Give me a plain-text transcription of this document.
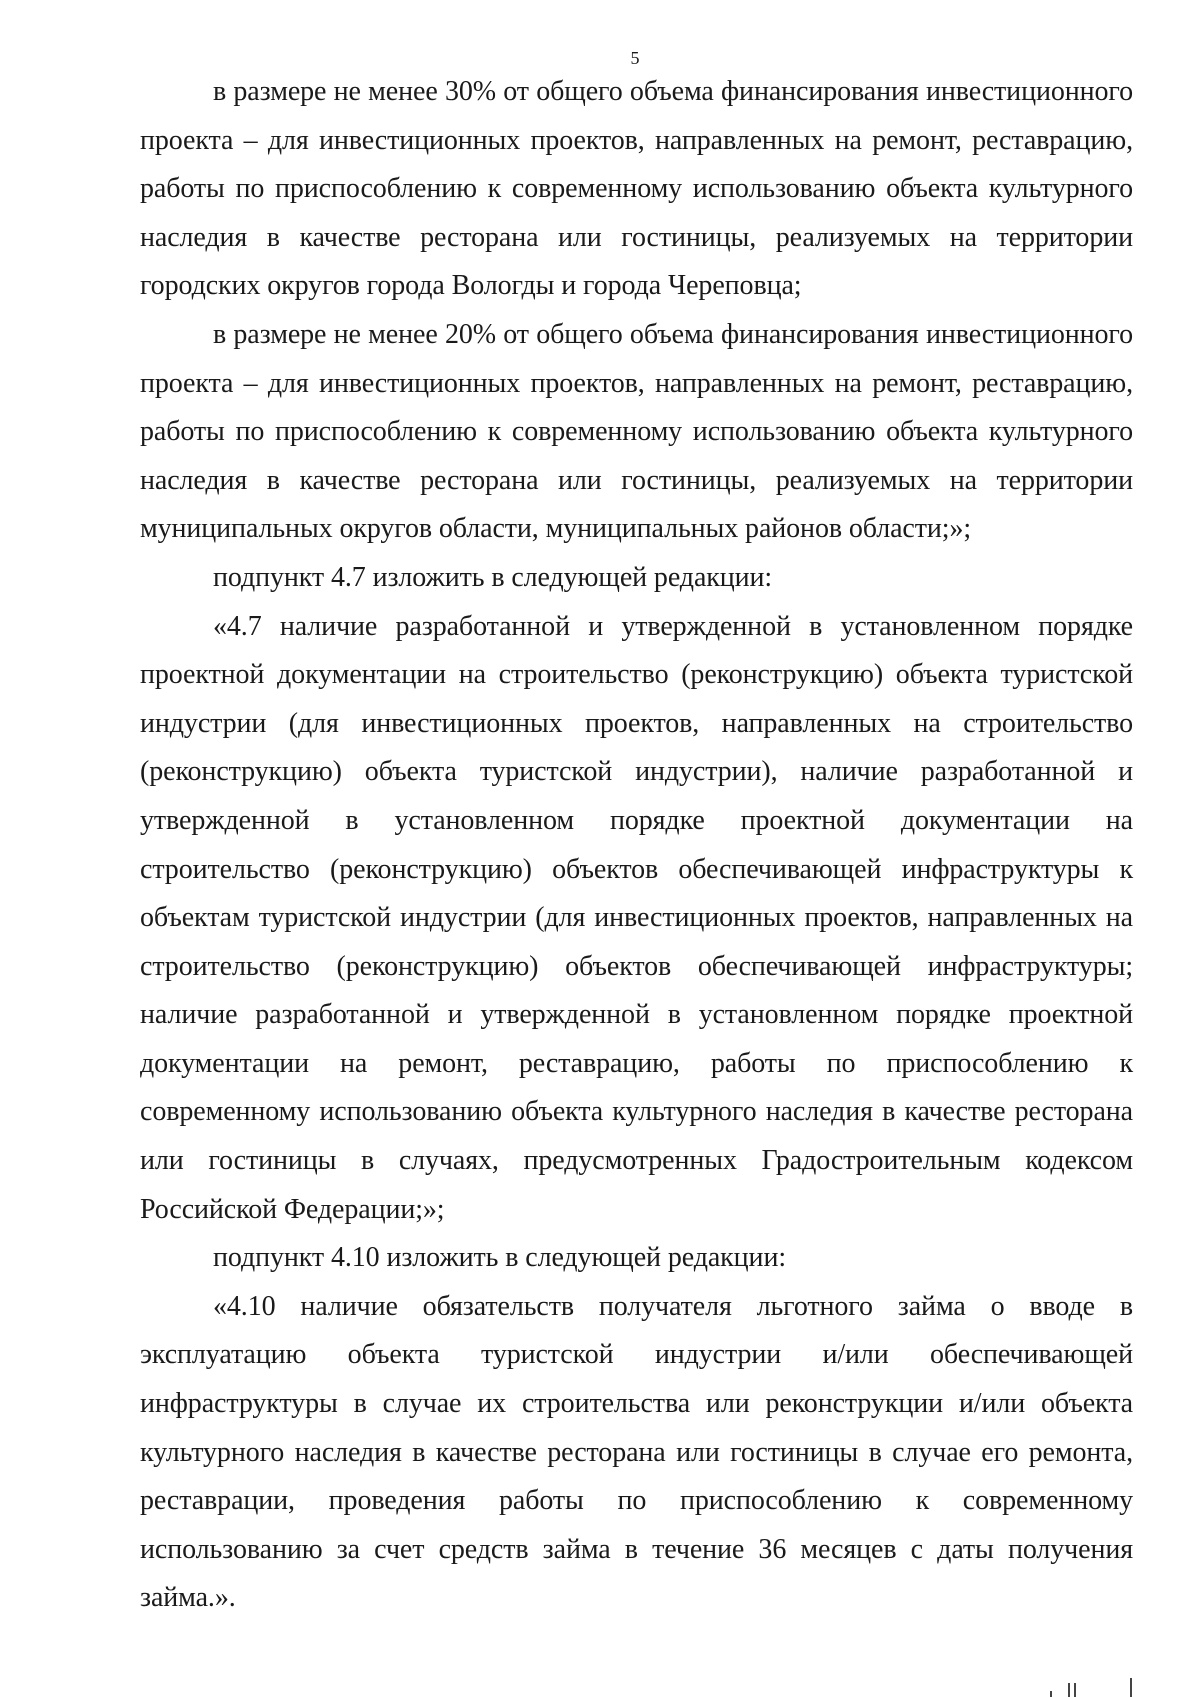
5

в размере не менее 30% от общего объема финансирования инвестиционного проекта – для инвестиционных проектов, направленных на ремонт, реставрацию, работы по приспособлению к современному использованию объекта культурного наследия в качестве ресторана или гостиницы, реализуемых на территории городских округов города Вологды и города Череповца;

в размере не менее 20% от общего объема финансирования инвестиционного проекта – для инвестиционных проектов, направленных на ремонт, реставрацию, работы по приспособлению к современному использованию объекта культурного наследия в качестве ресторана или гостиницы, реализуемых на территории муниципальных округов области, муниципальных районов области;»;

подпункт 4.7 изложить в следующей редакции:

«4.7 наличие разработанной и утвержденной в установленном порядке проектной документации на строительство (реконструкцию) объекта туристской индустрии (для инвестиционных проектов, направленных на строительство (реконструкцию) объекта туристской индустрии), наличие разработанной и утвержденной в установленном порядке проектной документации на строительство (реконструкцию) объектов обеспечивающей инфраструктуры к объектам туристской индустрии (для инвестиционных проектов, направленных на строительство (реконструкцию) объектов обеспечивающей инфраструктуры; наличие разработанной и утвержденной в установленном порядке проектной документации на ремонт, реставрацию, работы по приспособлению к современному использованию объекта культурного наследия в качестве ресторана или гостиницы в случаях, предусмотренных Градостроительным кодексом Российской Федерации;»;

подпункт 4.10 изложить в следующей редакции:

«4.10 наличие обязательств получателя льготного займа о вводе в эксплуатацию объекта туристской индустрии и/или обеспечивающей инфраструктуры в случае их строительства или реконструкции и/или объекта культурного наследия в качестве ресторана или гостиницы в случае его ремонта, реставрации, проведения работы по приспособлению к современному использованию за счет средств займа в течение 36 месяцев с даты получения займа.».
